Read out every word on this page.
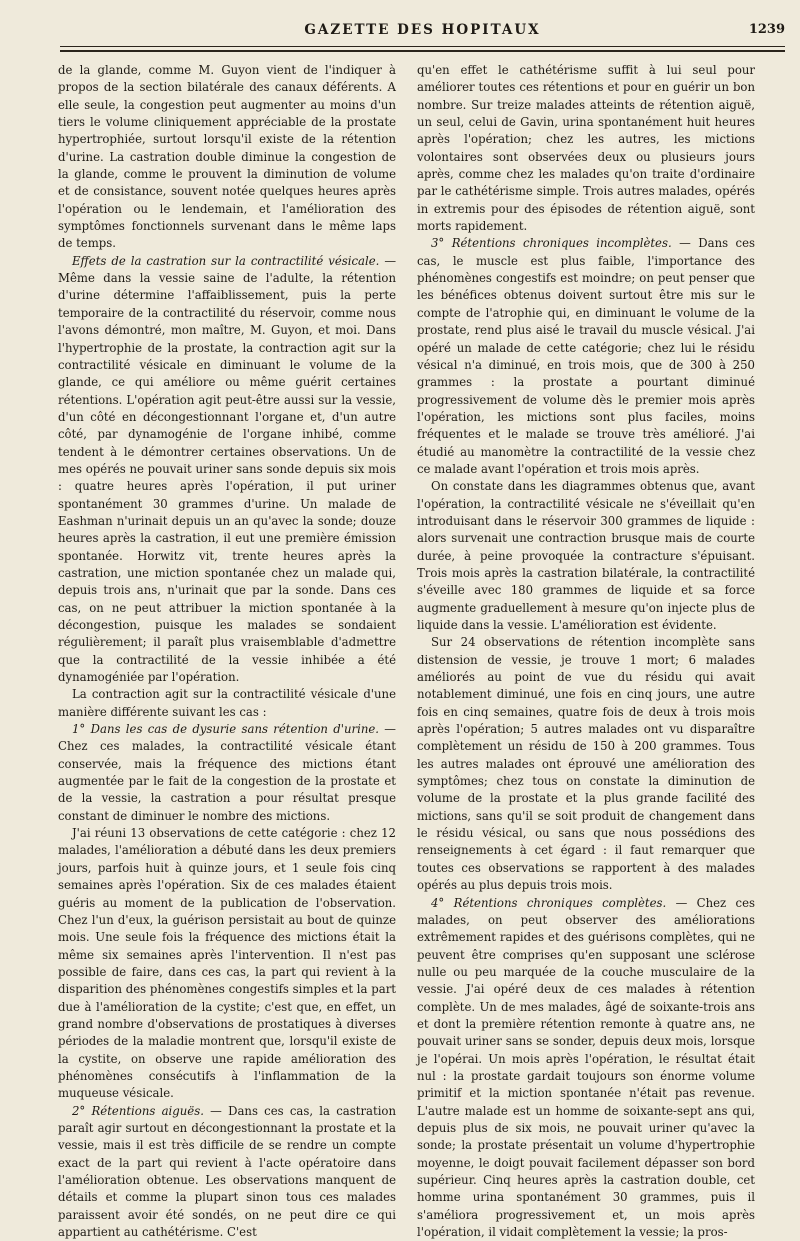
GAZETTE DES HOPITAUX	1239

de la glande, comme M. Guyon vient de l'indiquer à propos de la section bilatérale des canaux déférents. A elle seule, la congestion peut augmenter au moins d'un tiers le volume cliniquement appréciable de la prostate hypertrophiée, surtout lorsqu'il existe de la rétention d'urine. La castration double diminue la congestion de la glande, comme le prouvent la diminution de volume et de consistance, souvent notée quelques heures après l'opération ou le lendemain, et l'amélioration des symptômes fonctionnels survenant dans le même laps de temps.

Effets de la castration sur la contractilité vésicale. — Même dans la vessie saine de l'adulte, la rétention d'urine détermine l'affaiblissement, puis la perte temporaire de la contractilité du réservoir, comme nous l'avons démontré, mon maître, M. Guyon, et moi. Dans l'hypertrophie de la prostate, la contraction agit sur la contractilité vésicale en diminuant le volume de la glande, ce qui améliore ou même guérit certaines rétentions. L'opération agit peut-être aussi sur la vessie, d'un côté en décongestionnant l'organe et, d'un autre côté, par dynamogénie de l'organe inhibé, comme tendent à le démontrer certaines observations. Un de mes opérés ne pouvait uriner sans sonde depuis six mois : quatre heures après l'opération, il put uriner spontanément 30 grammes d'urine. Un malade de Eashman n'urinait depuis un an qu'avec la sonde; douze heures après la castration, il eut une première émission spontanée. Horwitz vit, trente heures après la castration, une miction spontanée chez un malade qui, depuis trois ans, n'urinait que par la sonde. Dans ces cas, on ne peut attribuer la miction spontanée à la décongestion, puisque les malades se sondaient régulièrement; il paraît plus vraisemblable d'admettre que la contractilité de la vessie inhibée a été dynamogéniée par l'opération.

La contraction agit sur la contractilité vésicale d'une manière différente suivant les cas :

1° Dans les cas de dysurie sans rétention d'urine. — Chez ces malades, la contractilité vésicale étant conservée, mais la fréquence des mictions étant augmentée par le fait de la congestion de la prostate et de la vessie, la castration a pour résultat presque constant de diminuer le nombre des mictions.

J'ai réuni 13 observations de cette catégorie : chez 12 malades, l'amélioration a débuté dans les deux premiers jours, parfois huit à quinze jours, et 1 seule fois cinq semaines après l'opération. Six de ces malades étaient guéris au moment de la publication de l'observation. Chez l'un d'eux, la guérison persistait au bout de quinze mois. Une seule fois la fréquence des mictions était la même six semaines après l'intervention. Il n'est pas possible de faire, dans ces cas, la part qui revient à la disparition des phénomènes congestifs simples et la part due à l'amélioration de la cystite; c'est que, en effet, un grand nombre d'observations de prostatiques à diverses périodes de la maladie montrent que, lorsqu'il existe de la cystite, on observe une rapide amélioration des phénomènes consécutifs à l'inflammation de la muqueuse vésicale.

2° Rétentions aiguës. — Dans ces cas, la castration paraît agir surtout en décongestionnant la prostate et la vessie, mais il est très difficile de se rendre un compte exact de la part qui revient à l'acte opératoire dans l'amélioration obtenue. Les observations manquent de détails et comme la plupart sinon tous ces malades paraissent avoir été sondés, on ne peut dire ce qui appartient au cathétérisme. C'est

qu'en effet le cathétérisme suffit à lui seul pour améliorer toutes ces rétentions et pour en guérir un bon nombre. Sur treize malades atteints de rétention aiguë, un seul, celui de Gavin, urina spontanément huit heures après l'opération; chez les autres, les mictions volontaires sont observées deux ou plusieurs jours après, comme chez les malades qu'on traite d'ordinaire par le cathétérisme simple. Trois autres malades, opérés in extremis pour des épisodes de rétention aiguë, sont morts rapidement.

3° Rétentions chroniques incomplètes. — Dans ces cas, le muscle est plus faible, l'importance des phénomènes congestifs est moindre; on peut penser que les bénéfices obtenus doivent surtout être mis sur le compte de l'atrophie qui, en diminuant le volume de la prostate, rend plus aisé le travail du muscle vésical. J'ai opéré un malade de cette catégorie; chez lui le résidu vésical n'a diminué, en trois mois, que de 300 à 250 grammes : la prostate a pourtant diminué progressivement de volume dès le premier mois après l'opération, les mictions sont plus faciles, moins fréquentes et le malade se trouve très amélioré. J'ai étudié au manomètre la contractilité de la vessie chez ce malade avant l'opération et trois mois après.

On constate dans les diagrammes obtenus que, avant l'opération, la contractilité vésicale ne s'éveillait qu'en introduisant dans le réservoir 300 grammes de liquide : alors survenait une contraction brusque mais de courte durée, à peine provoquée la contracture s'épuisant. Trois mois après la castration bilatérale, la contractilité s'éveille avec 180 grammes de liquide et sa force augmente graduellement à mesure qu'on injecte plus de liquide dans la vessie. L'amélioration est évidente.

Sur 24 observations de rétention incomplète sans distension de vessie, je trouve 1 mort; 6 malades améliorés au point de vue du résidu qui avait notablement diminué, une fois en cinq jours, une autre fois en cinq semaines, quatre fois de deux à trois mois après l'opération; 5 autres malades ont vu disparaître complètement un résidu de 150 à 200 grammes. Tous les autres malades ont éprouvé une amélioration des symptômes; chez tous on constate la diminution de volume de la prostate et la plus grande facilité des mictions, sans qu'il se soit produit de changement dans le résidu vésical, ou sans que nous possédions des renseignements à cet égard : il faut remarquer que toutes ces observations se rapportent à des malades opérés au plus depuis trois mois.

4° Rétentions chroniques complètes. — Chez ces malades, on peut observer des améliorations extrêmement rapides et des guérisons complètes, qui ne peuvent être comprises qu'en supposant une sclérose nulle ou peu marquée de la couche musculaire de la vessie. J'ai opéré deux de ces malades à rétention complète. Un de mes malades, âgé de soixante-trois ans et dont la première rétention remonte à quatre ans, ne pouvait uriner sans se sonder, depuis deux mois, lorsque je l'opérai. Un mois après l'opération, le résultat était nul : la prostate gardait toujours son énorme volume primitif et la miction spontanée n'était pas revenue. L'autre malade est un homme de soixante-sept ans qui, depuis plus de six mois, ne pouvait uriner qu'avec la sonde; la prostate présentait un volume d'hypertrophie moyenne, le doigt pouvait facilement dépasser son bord supérieur. Cinq heures après la castration double, cet homme urina spontanément 30 grammes, puis il s'améliora progressivement et, un mois après l'opération, il vidait complètement la vessie; la pros-
